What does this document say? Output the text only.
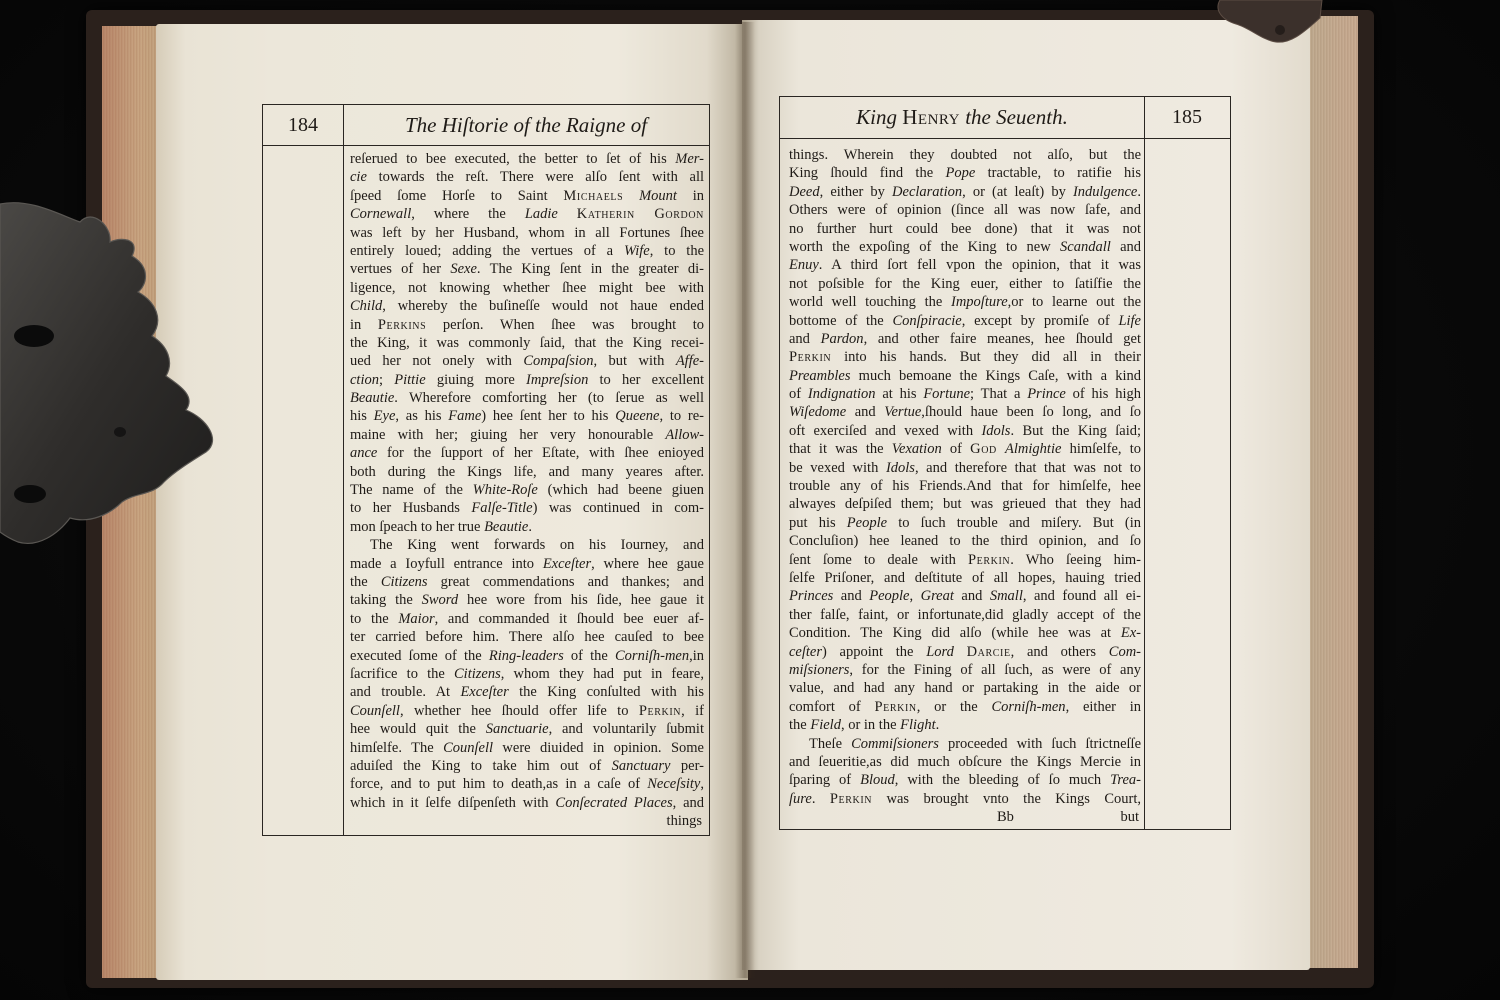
184	The Hiſtorie of the Raigne of	King Henry the Seuenth.	185
reſerued to bee executed, the better to ſet of his Mer-
cie towards the reſt. There were alſo ſent with all
ſpeed ſome Horſe to Saint Michaels Mount in
Cornewall, where the Ladie Katherin Gordon
was left by her Husband, whom in all Fortunes ſhee
entirely loued; adding the vertues of a Wife, to the
vertues of her Sexe. The King ſent in the greater di-
ligence, not knowing whether ſhee might bee with
Child, whereby the buſineſſe would not haue ended
in Perkins perſon. When ſhee was brought to
the King, it was commonly ſaid, that the King recei-
ued her not onely with Compaſsion, but with Affe-
ction; Pittie giuing more Impreſsion to her excellent
Beautie. Wherefore comforting her (to ſerue as well
his Eye, as his Fame) hee ſent her to his Queene, to re-
maine with her; giuing her very honourable Allow-
ance for the ſupport of her Eſtate, with ſhee enioyed
both during the Kings life, and many yeares after.
The name of the White-Roſe (which had beene giuen
to her Husbands Falſe-Title) was continued in com-
mon ſpeach to her true Beautie.
The King went forwards on his Iourney, and
made a Ioyfull entrance into Exceſter, where hee gaue
the Citizens great commendations and thankes; and
taking the Sword hee wore from his ſide, hee gaue it
to the Maior, and commanded it ſhould bee euer af-
ter carried before him. There alſo hee cauſed to bee
executed ſome of the Ring-leaders of the Corniſh-men,in
ſacrifice to the Citizens, whom they had put in feare,
and trouble. At Exceſter the King conſulted with his
Counſell, whether hee ſhould offer life to Perkin, if
hee would quit the Sanctuarie, and voluntarily ſubmit
himſelfe. The Counſell were diuided in opinion. Some
aduiſed the King to take him out of Sanctuary per-
force, and to put him to death,as in a caſe of Neceſsity,
which in it ſelfe diſpenſeth with Conſecrated Places, and
things. Wherein they doubted not alſo, but the
King ſhould find the Pope tractable, to ratifie his
Deed, either by Declaration, or (at leaſt) by Indulgence.
Others were of opinion (ſince all was now ſafe, and
no further hurt could bee done) that it was not
worth the expoſing of the King to new Scandall and
Enuy. A third ſort fell vpon the opinion, that it was
not poſsible for the King euer, either to ſatiſfie the
world well touching the Impoſture,or to learne out the
bottome of the Conſpiracie, except by promiſe of Life
and Pardon, and other faire meanes, hee ſhould get
Perkin into his hands. But they did all in their
Preambles much bemoane the Kings Caſe, with a kind
of Indignation at his Fortune; That a Prince of his high
Wiſedome and Vertue,ſhould haue been ſo long, and ſo
oft exerciſed and vexed with Idols. But the King ſaid;
that it was the Vexation of God Almightie himſelfe, to
be vexed with Idols, and therefore that that was not to
trouble any of his Friends.And that for himſelfe, hee
alwayes deſpiſed them; but was grieued that they had
put his People to ſuch trouble and miſery. But (in
Concluſion) hee leaned to the third opinion, and ſo
ſent ſome to deale with Perkin. Who ſeeing him-
ſelfe Priſoner, and deſtitute of all hopes, hauing tried
Princes and People, Great and Small, and found all ei-
ther falſe, faint, or infortunate,did gladly accept of the
Condition. The King did alſo (while hee was at Ex-
ceſter) appoint the Lord Darcie, and others Com-
miſsioners, for the Fining of all ſuch, as were of any
value, and had any hand or partaking in the aide or
comfort of Perkin, or the Corniſh-men, either in
the Field, or in the Flight.
Theſe Commiſsioners proceeded with ſuch ſtrictneſſe
and ſeueritie,as did much obſcure the Kings Mercie in
ſparing of Bloud, with the bleeding of ſo much Trea-
ſure. Perkin was brought vnto the Kings Court,
things	Bb	but
